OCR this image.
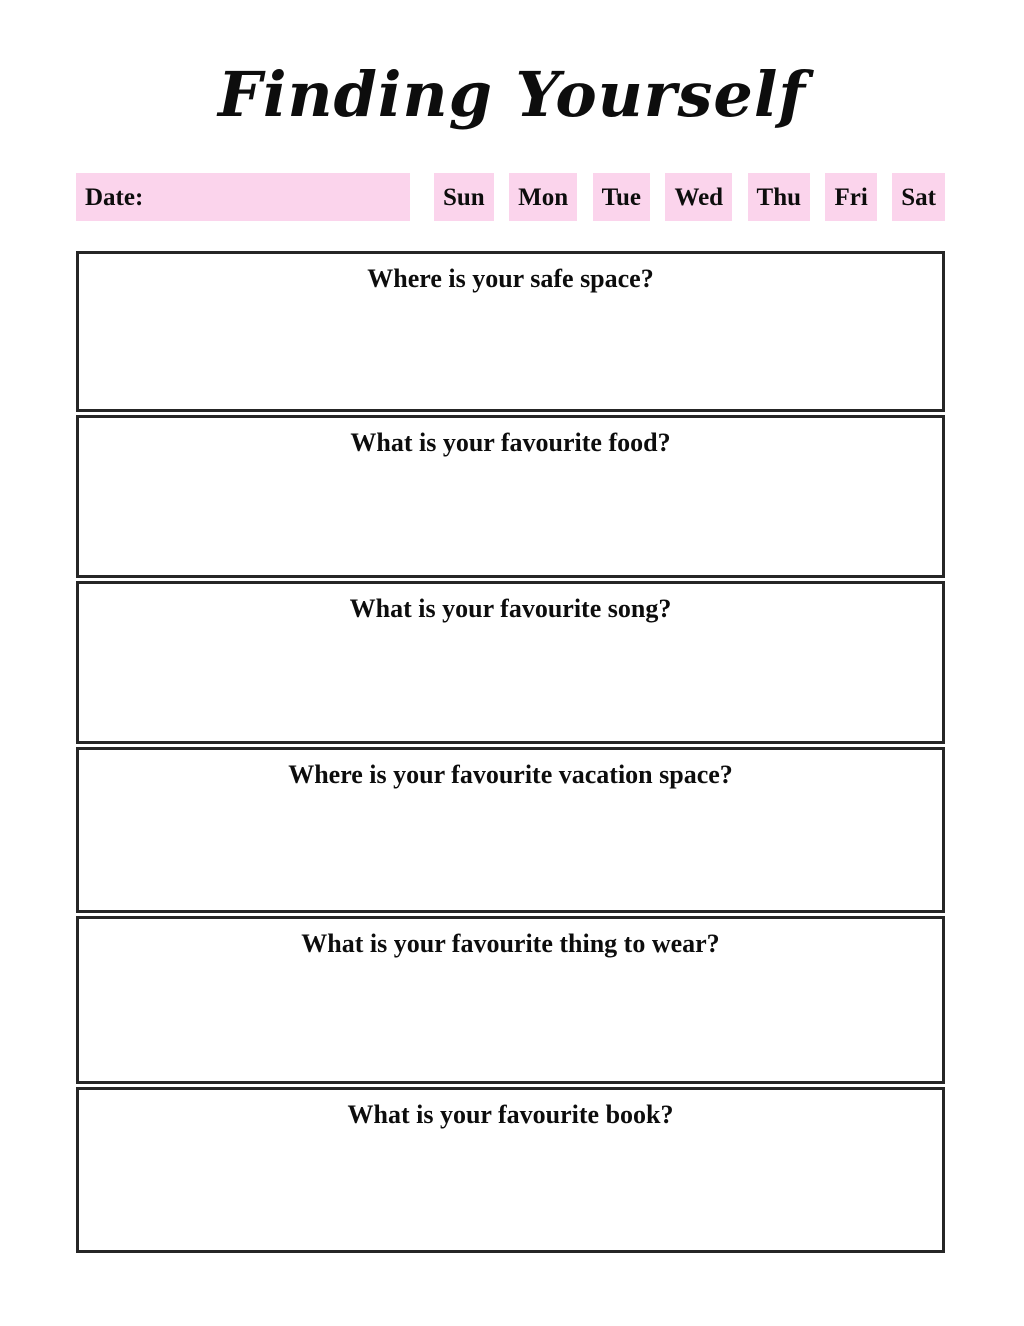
Finding Yourself
Date:	Sun Mon Tue Wed Thu Fri Sat
Where is your safe space?
What is your favourite food?
What is your favourite song?
Where is your favourite vacation space?
What is your favourite thing to wear?
What is your favourite book?
